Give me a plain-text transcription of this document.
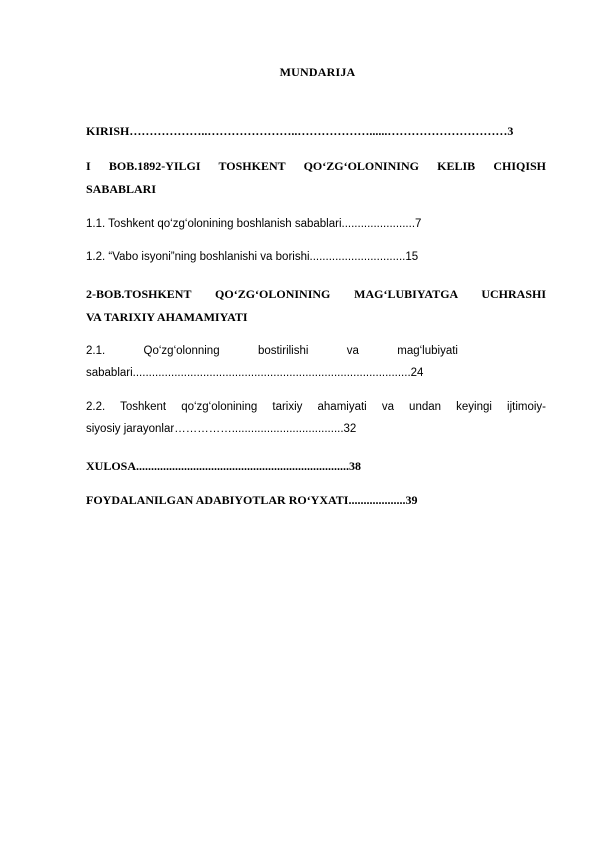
MUNDARIJA
KIRISH………………..…………………..………………......…………………………3
I BOB.1892-YILGI TOSHKENT QO‘ZG‘OLONINING KELIB CHIQISH
SABABLARI
1.1. Toshkent qo‘zg‘olonining boshlanish sabablari.......................7
1.2. “Vabo isyoni”ning boshlanishi va borishi..............................15
2-BOB.TOSHKENT QO‘ZG‘OLONINING MAG‘LUBIYATGA UCHRASHI
VA TARIXIY AHAMAMIYATI
2.1.            Qo‘zg‘olonning            bostirilishi            va            mag‘lubiyati
sabablari.......................................................................................24
2.2. Toshkent qo‘zg‘olonining tarixiy ahamiyati va undan keyingi ijtimoiy-
siyosiy jarayonlar……………...................................32
XULOSA.......................................................................38
FOYDALANILGAN ADABIYOTLAR RO‘YXATI...................39
